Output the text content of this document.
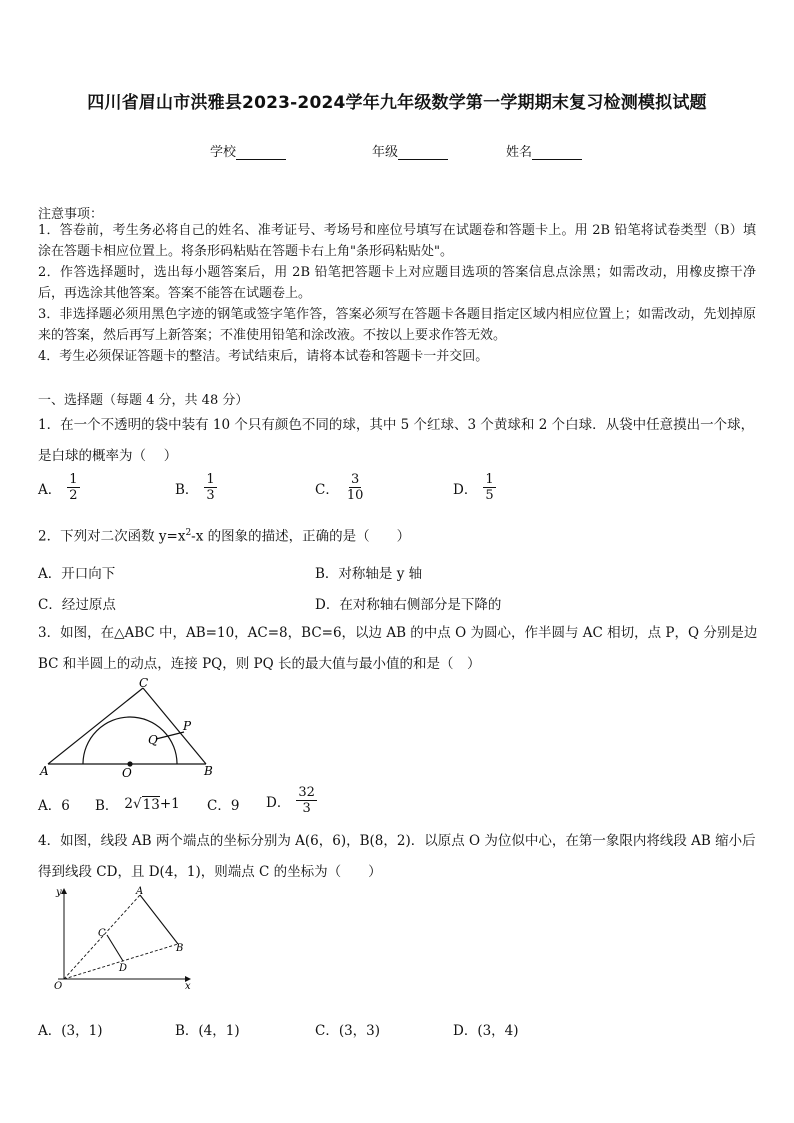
四川省眉山市洪雅县2023-2024学年九年级数学第一学期期末复习检测模拟试题
学校	年级	姓名
注意事项：
1．答卷前，考生务必将自己的姓名、准考证号、考场号和座位号填写在试题卷和答题卡上。用 2B 铅笔将试卷类型（B）填涂在答题卡相应位置上。将条形码粘贴在答题卡右上角"条形码粘贴处"。
2．作答选择题时，选出每小题答案后，用 2B 铅笔把答题卡上对应题目选项的答案信息点涂黑；如需改动，用橡皮擦干净后，再选涂其他答案。答案不能答在试题卷上。
3．非选择题必须用黑色字迹的钢笔或签字笔作答，答案必须写在答题卡各题目指定区域内相应位置上；如需改动，先划掉原来的答案，然后再写上新答案；不准使用铅笔和涂改液。不按以上要求作答无效。
4．考生必须保证答题卡的整洁。考试结束后，请将本试卷和答题卡一并交回。
一、选择题（每题 4 分，共 48 分）
1．在一个不透明的袋中装有 10 个只有颜色不同的球，其中 5 个红球、3 个黄球和 2 个白球．从袋中任意摸出一个球，是白球的概率为（　 ）
A． $\frac{1}{2}$	B． $\frac{1}{3}$	C． $\frac{3}{10}$	D． $\frac{1}{5}$
2．下列对二次函数 $y=x^2-x$ 的图象的描述，正确的是（　　）
A．开口向下	B．对称轴是 y 轴
C．经过原点	D．在对称轴右侧部分是下降的
3．如图，在△ABC 中，AB=10，AC=8，BC=6，以边 AB 的中点 O 为圆心，作半圆与 AC 相切，点 P，Q 分别是边 BC 和半圆上的动点，连接 PQ，则 PQ 长的最大值与最小值的和是（　）
A	B
C
O
P
Q
A．6 B． 2 √ 13 +1 C．9 D． $\frac{32}{3}$
4．如图，线段 AB 两个端点的坐标分别为 A(6，6)，B(8，2)．以原点 O 为位似中心，在第一象限内将线段 AB 缩小后得到线段 CD，且 D(4，1)，则端点 C 的坐标为（　　）
y
x
O
A
B
C
D
A．(3，1)	B．(4，1)	C．(3，3)	D．(3，4)
